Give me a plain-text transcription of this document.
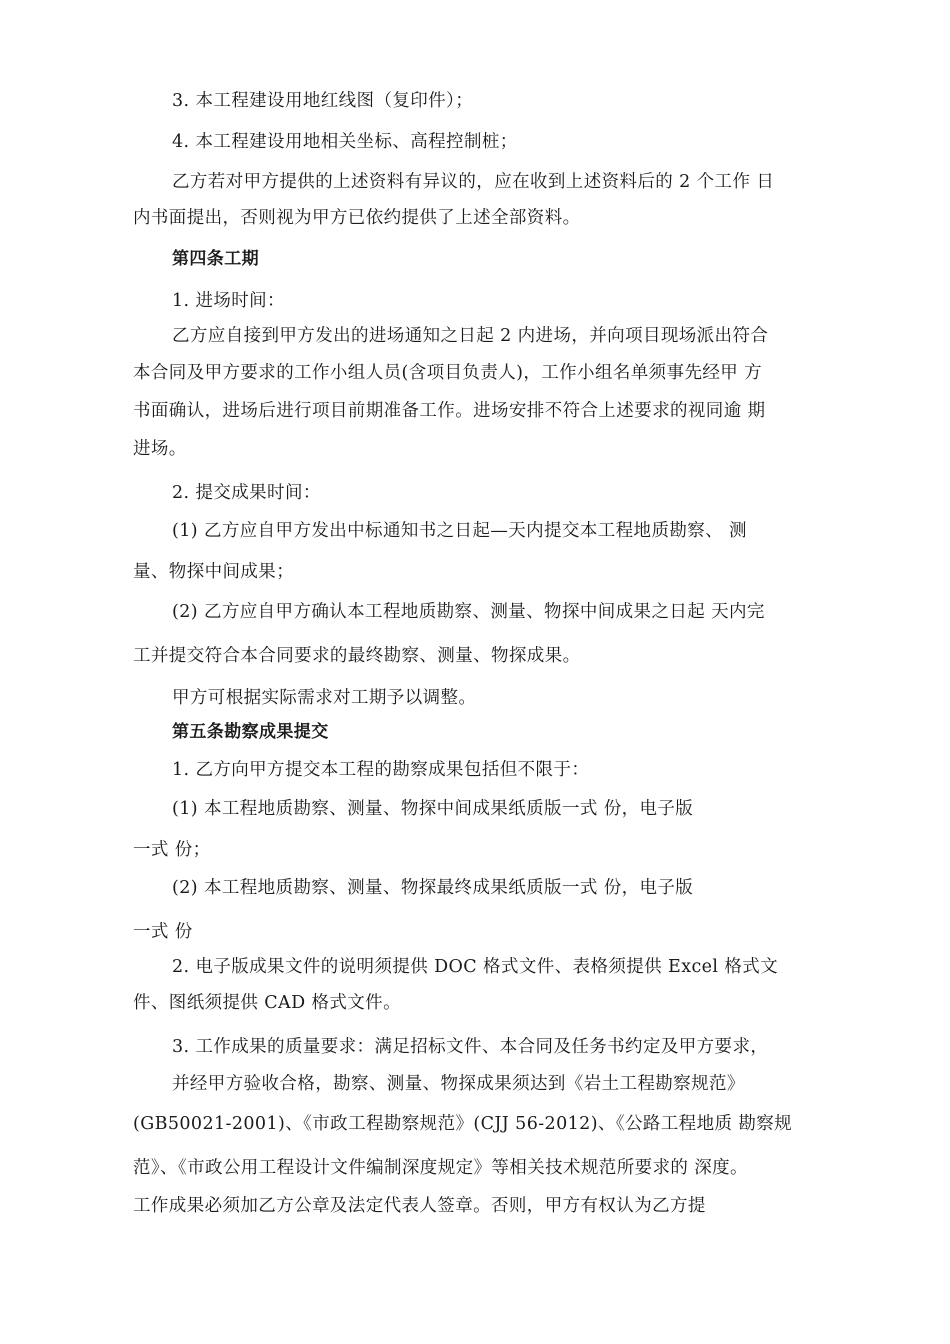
3. 本工程建设用地红线图（复印件）；
4. 本工程建设用地相关坐标、高程控制桩；
乙方若对甲方提供的上述资料有异议的，应在收到上述资料后的 2 个工作 日
内书面提出，否则视为甲方已依约提供了上述全部资料。
第四条工期
1. 进场时间：
乙方应自接到甲方发出的进场通知之日起 2 内进场，并向项目现场派出符合
本合同及甲方要求的工作小组人员(含项目负责人)，工作小组名单须事先经甲 方
书面确认，进场后进行项目前期准备工作。进场安排不符合上述要求的视同逾 期
进场。
2. 提交成果时间：
(1) 乙方应自甲方发出中标通知书之日起—天内提交本工程地质勘察、 测
量、物探中间成果；
(2) 乙方应自甲方确认本工程地质勘察、测量、物探中间成果之日起 天内完
工并提交符合本合同要求的最终勘察、测量、物探成果。
甲方可根据实际需求对工期予以调整。
第五条勘察成果提交
1. 乙方向甲方提交本工程的勘察成果包括但不限于：
(1) 本工程地质勘察、测量、物探中间成果纸质版一式 份，电子版
一式 份；
(2) 本工程地质勘察、测量、物探最终成果纸质版一式 份，电子版
一式 份
2. 电子版成果文件的说明须提供 DOC 格式文件、表格须提供 Excel 格式文
件、图纸须提供 CAD 格式文件。
3. 工作成果的质量要求：满足招标文件、本合同及任务书约定及甲方要求，
并经甲方验收合格，勘察、测量、物探成果须达到《岩土工程勘察规范》
(GB50021-2001)、《市政工程勘察规范》(CJJ 56-2012)、《公路工程地质 勘察规
范》、《市政公用工程设计文件编制深度规定》等相关技术规范所要求的 深度。
工作成果必须加乙方公章及法定代表人签章。否则，甲方有权认为乙方提
